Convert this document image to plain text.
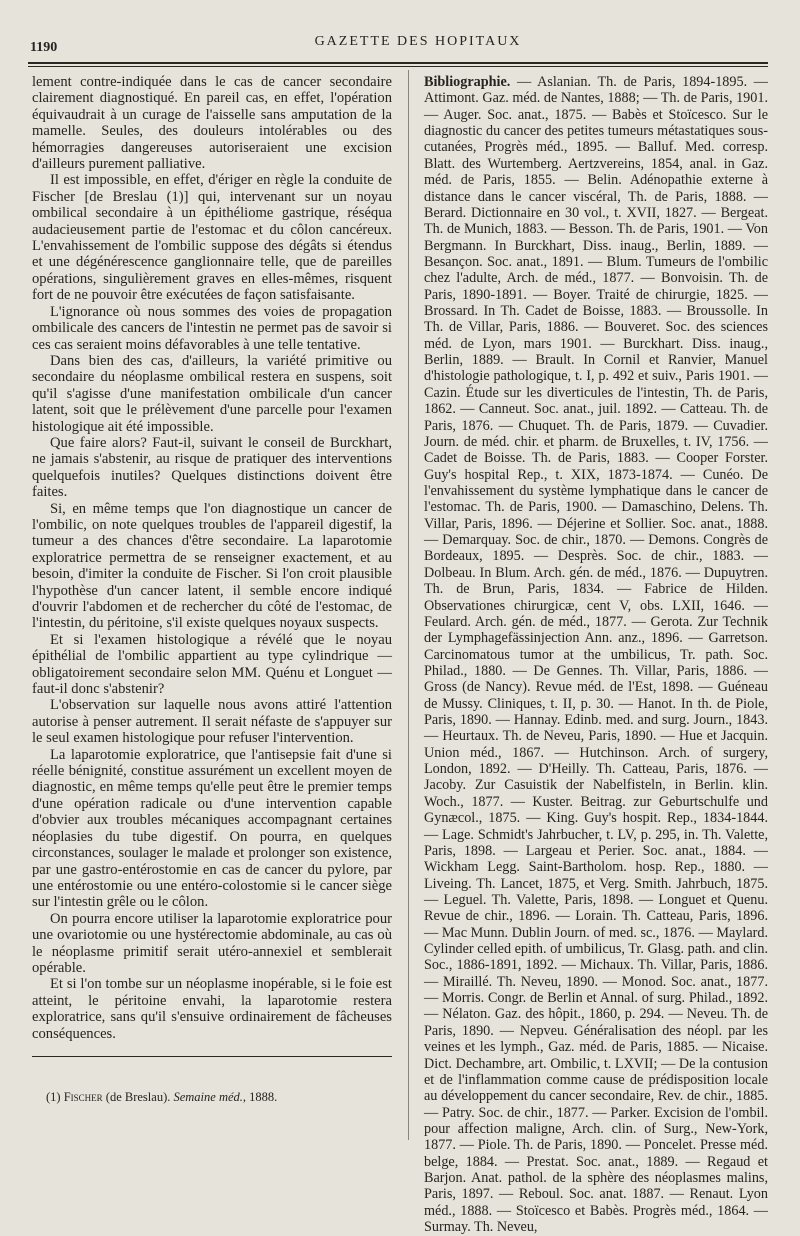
1190	GAZETTE DES HOPITAUX

lement contre-indiquée dans le cas de cancer secondaire clairement diagnostiqué. En pareil cas, en effet, l'opération équivaudrait à un curage de l'aisselle sans amputation de la mamelle. Seules, des douleurs intolérables ou des hémorragies dangereuses autoriseraient une excision d'ailleurs purement palliative.

Il est impossible, en effet, d'ériger en règle la conduite de Fischer [de Breslau (1)] qui, intervenant sur un noyau ombilical secondaire à un épithéliome gastrique, réséqua audacieusement partie de l'estomac et du côlon cancéreux. L'envahissement de l'ombilic suppose des dégâts si étendus et une dégénérescence ganglionnaire telle, que de pareilles opérations, singulièrement graves en elles-mêmes, risquent fort de ne pouvoir être exécutées de façon satisfaisante.

L'ignorance où nous sommes des voies de propagation ombilicale des cancers de l'intestin ne permet pas de savoir si ces cas seraient moins défavorables à une telle tentative.

Dans bien des cas, d'ailleurs, la variété primitive ou secondaire du néoplasme ombilical restera en suspens, soit qu'il s'agisse d'une manifestation ombilicale d'un cancer latent, soit que le prélèvement d'une parcelle pour l'examen histologique ait été impossible.

Que faire alors? Faut-il, suivant le conseil de Burckhart, ne jamais s'abstenir, au risque de pratiquer des interventions quelquefois inutiles? Quelques distinctions doivent être faites.

Si, en même temps que l'on diagnostique un cancer de l'ombilic, on note quelques troubles de l'appareil digestif, la tumeur a des chances d'être secondaire. La laparotomie exploratrice permettra de se renseigner exactement, et au besoin, d'imiter la conduite de Fischer. Si l'on croit plausible l'hypothèse d'un cancer latent, il semble encore indiqué d'ouvrir l'abdomen et de rechercher du côté de l'estomac, de l'intestin, du péritoine, s'il existe quelques noyaux suspects.

Et si l'examen histologique a révélé que le noyau épithélial de l'ombilic appartient au type cylindrique — obligatoirement secondaire selon MM. Quénu et Longuet — faut-il donc s'abstenir?

L'observation sur laquelle nous avons attiré l'attention autorise à penser autrement. Il serait néfaste de s'appuyer sur le seul examen histologique pour refuser l'intervention.

La laparotomie exploratrice, que l'antisepsie fait d'une si réelle bénignité, constitue assurément un excellent moyen de diagnostic, en même temps qu'elle peut être le premier temps d'une opération radicale ou d'une intervention capable d'obvier aux troubles mécaniques accompagnant certaines néoplasies du tube digestif. On pourra, en quelques circonstances, soulager le malade et prolonger son existence, par une gastro-entérostomie en cas de cancer du pylore, par une entérostomie ou une entéro-colostomie si le cancer siège sur l'intestin grêle ou le côlon.

On pourra encore utiliser la laparotomie exploratrice pour une ovariotomie ou une hystérectomie abdominale, au cas où le néoplasme primitif serait utéro-annexiel et semblerait opérable.

Et si l'on tombe sur un néoplasme inopérable, si le foie est atteint, le péritoine envahi, la laparotomie restera exploratrice, sans qu'il s'ensuive ordinairement de fâcheuses conséquences.

(1) Fischer (de Breslau). Semaine méd., 1888.

Bibliographie. — Aslanian. Th. de Paris, 1894-1895. — Attimont. Gaz. méd. de Nantes, 1888; — Th. de Paris, 1901. — Auger. Soc. anat., 1875. — Babès et Stoïcesco. Sur le diagnostic du cancer des petites tumeurs métastatiques sous-cutanées, Progrès méd., 1895. — Balluf. Med. corresp. Blatt. des Wurtemberg. Aertzvereins, 1854, anal. in Gaz. méd. de Paris, 1855. — Belin. Adénopathie externe à distance dans le cancer viscéral, Th. de Paris, 1888. — Berard. Dictionnaire en 30 vol., t. XVII, 1827. — Bergeat. Th. de Munich, 1883. — Besson. Th. de Paris, 1901. — Von Bergmann. In Burckhart, Diss. inaug., Berlin, 1889. — Besançon. Soc. anat., 1891. — Blum. Tumeurs de l'ombilic chez l'adulte, Arch. de méd., 1877. — Bonvoisin. Th. de Paris, 1890-1891. — Boyer. Traité de chirurgie, 1825. — Brossard. In Th. Cadet de Boisse, 1883. — Broussolle. In Th. de Villar, Paris, 1886. — Bouveret. Soc. des sciences méd. de Lyon, mars 1901. — Burckhart. Diss. inaug., Berlin, 1889. — Brault. In Cornil et Ranvier, Manuel d'histologie pathologique, t. I, p. 492 et suiv., Paris 1901. — Cazin. Étude sur les diverticules de l'intestin, Th. de Paris, 1862. — Canneut. Soc. anat., juil. 1892. — Catteau. Th. de Paris, 1876. — Chuquet. Th. de Paris, 1879. — Cuvadier. Journ. de méd. chir. et pharm. de Bruxelles, t. IV, 1756. — Cadet de Boisse. Th. de Paris, 1883. — Cooper Forster. Guy's hospital Rep., t. XIX, 1873-1874. — Cunéo. De l'envahissement du système lymphatique dans le cancer de l'estomac. Th. de Paris, 1900. — Damaschino, Delens. Th. Villar, Paris, 1896. — Déjerine et Sollier. Soc. anat., 1888. — Demarquay. Soc. de chir., 1870. — Demons. Congrès de Bordeaux, 1895. — Desprès. Soc. de chir., 1883. — Dolbeau. In Blum. Arch. gén. de méd., 1876. — Dupuytren. Th. de Brun, Paris, 1834. — Fabrice de Hilden. Observationes chirurgicæ, cent V, obs. LXII, 1646. — Feulard. Arch. gén. de méd., 1877. — Gerota. Zur Technik der Lymphagefässinjection Ann. anz., 1896. — Garretson. Carcinomatous tumor at the umbilicus, Tr. path. Soc. Philad., 1880. — De Gennes. Th. Villar, Paris, 1886. — Gross (de Nancy). Revue méd. de l'Est, 1898. — Guéneau de Mussy. Cliniques, t. II, p. 30. — Hanot. In th. de Piole, Paris, 1890. — Hannay. Edinb. med. and surg. Journ., 1843. — Heurtaux. Th. de Neveu, Paris, 1890. — Hue et Jacquin. Union méd., 1867. — Hutchinson. Arch. of surgery, London, 1892. — D'Heilly. Th. Catteau, Paris, 1876. — Jacoby. Zur Casuistik der Nabelfisteln, in Berlin. klin. Woch., 1877. — Kuster. Beitrag. zur Geburtschulfe und Gynæcol., 1875. — King. Guy's hospit. Rep., 1834-1844. — Lage. Schmidt's Jahrbucher, t. LV, p. 295, in. Th. Valette, Paris, 1898. — Largeau et Perier. Soc. anat., 1884. — Wickham Legg. Saint-Bartholom. hosp. Rep., 1880. — Liveing. Th. Lancet, 1875, et Verg. Smith. Jahrbuch, 1875. — Leguel. Th. Valette, Paris, 1898. — Longuet et Quenu. Revue de chir., 1896. — Lorain. Th. Catteau, Paris, 1896. — Mac Munn. Dublin Journ. of med. sc., 1876. — Maylard. Cylinder celled epith. of umbilicus, Tr. Glasg. path. and clin. Soc., 1886-1891, 1892. — Michaux. Th. Villar, Paris, 1886. — Miraillé. Th. Neveu, 1890. — Monod. Soc. anat., 1877. — Morris. Congr. de Berlin et Annal. of surg. Philad., 1892. — Nélaton. Gaz. des hôpit., 1860, p. 294. — Neveu. Th. de Paris, 1890. — Nepveu. Généralisation des néopl. par les veines et les lymph., Gaz. méd. de Paris, 1885. — Nicaise. Dict. Dechambre, art. Ombilic, t. LXVII; — De la contusion et de l'inflammation comme cause de prédisposition locale au développement du cancer secondaire, Rev. de chir., 1885. — Patry. Soc. de chir., 1877. — Parker. Excision de l'ombil. pour affection maligne, Arch. clin. of Surg., New-York, 1877. — Piole. Th. de Paris, 1890. — Poncelet. Presse méd. belge, 1884. — Prestat. Soc. anat., 1889. — Regaud et Barjon. Anat. pathol. de la sphère des néoplasmes malins, Paris, 1897. — Reboul. Soc. anat. 1887. — Renaut. Lyon méd., 1888. — Stoïcesco et Babès. Progrès méd., 1864. — Surmay. Th. Neveu,
